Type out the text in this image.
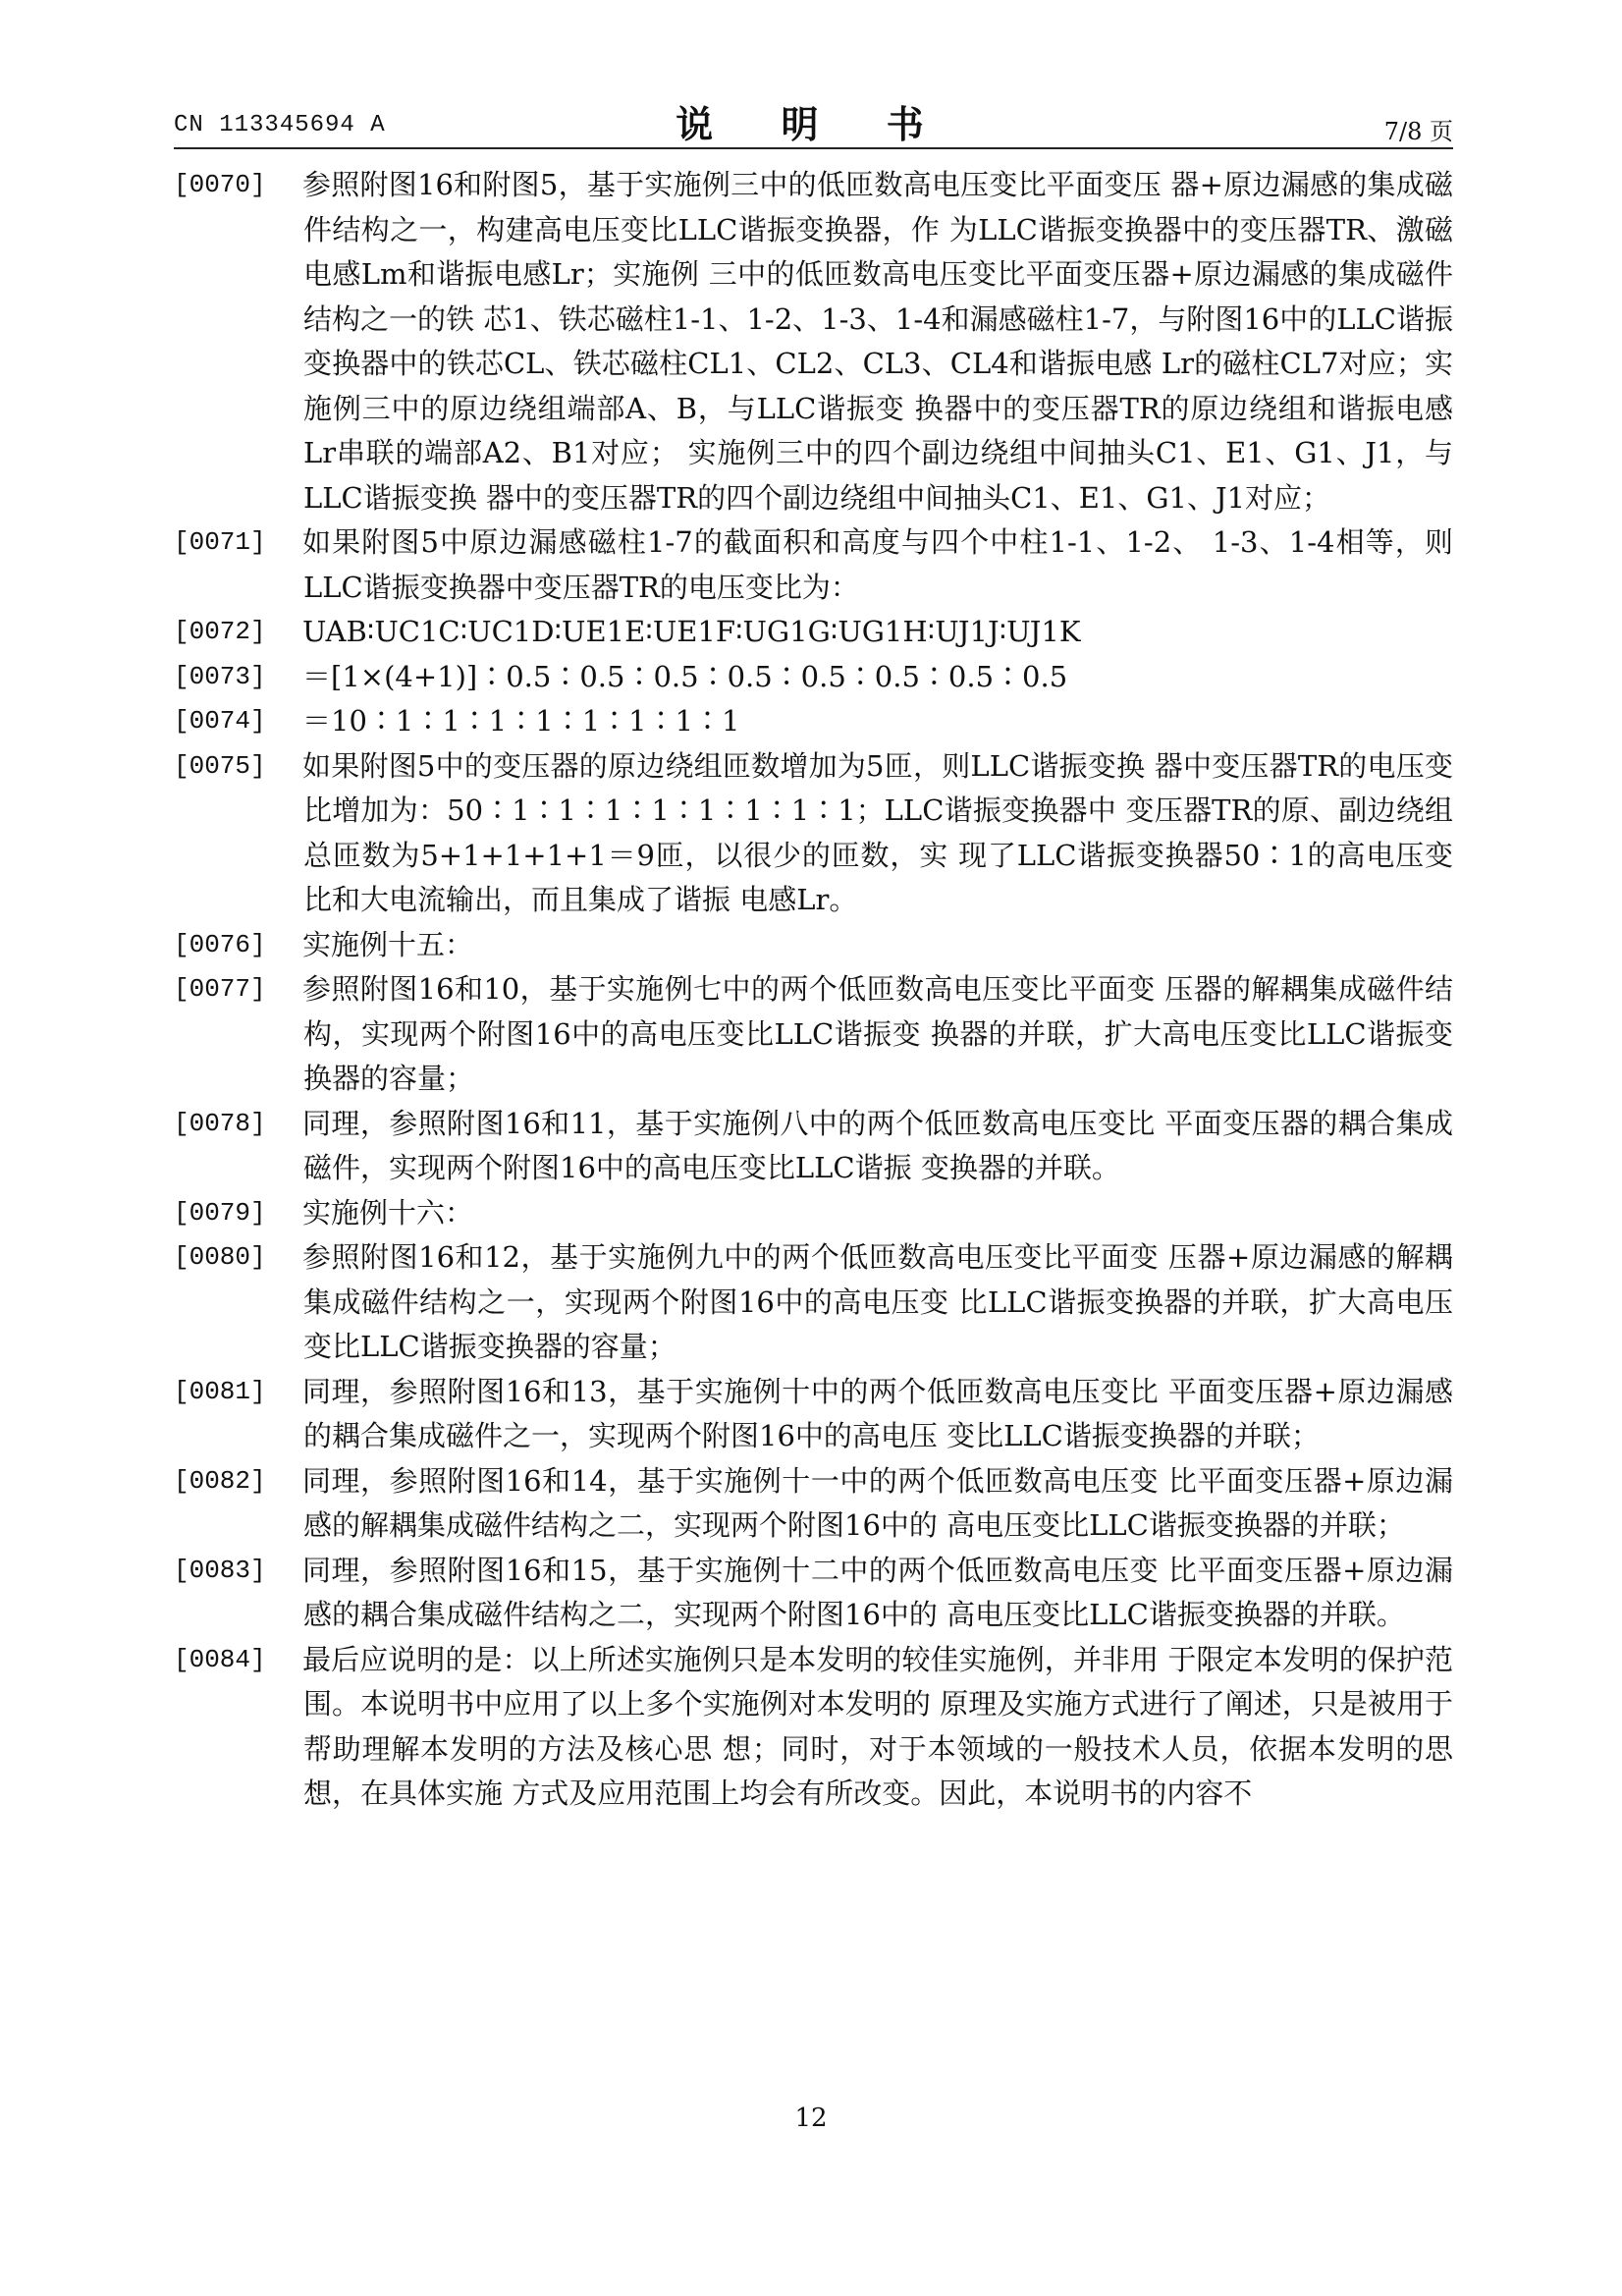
CN 113345694 A	说 明 书	7/8 页
[0070]	参照附图16和附图5，基于实施例三中的低匝数高电压变比平面变压 器+原边漏感的集成磁件结构之一，构建高电压变比LLC谐振变换器，作 为LLC谐振变换器中的变压器TR、激磁电感Lm和谐振电感Lr；实施例 三中的低匝数高电压变比平面变压器+原边漏感的集成磁件结构之一的铁 芯1、铁芯磁柱1-1、1-2、1-3、1-4和漏感磁柱1-7，与附图16中的LLC谐振变换器中的铁芯CL、铁芯磁柱CL1、CL2、CL3、CL4和谐振电感 Lr的磁柱CL7对应；实施例三中的原边绕组端部A、B，与LLC谐振变 换器中的变压器TR的原边绕组和谐振电感Lr串联的端部A2、B1对应； 实施例三中的四个副边绕组中间抽头C1、E1、G1、J1，与LLC谐振变换 器中的变压器TR的四个副边绕组中间抽头C1、E1、G1、J1对应；
[0071]	如果附图5中原边漏感磁柱1-7的截面积和高度与四个中柱1-1、1-2、 1-3、1-4相等，则LLC谐振变换器中变压器TR的电压变比为：
[0072]	UAB∶UC1C∶UC1D∶UE1E∶UE1F∶UG1G∶UG1H∶UJ1J∶UJ1K
[0073]	＝[1×(4+1)]∶0.5∶0.5∶0.5∶0.5∶0.5∶0.5∶0.5∶0.5
[0074]	＝10∶1∶1∶1∶1∶1∶1∶1∶1
[0075]	如果附图5中的变压器的原边绕组匝数增加为5匝，则LLC谐振变换 器中变压器TR的电压变比增加为：50∶1∶1∶1∶1∶1∶1∶1∶1；LLC谐振变换器中 变压器TR的原、副边绕组总匝数为5+1+1+1+1＝9匝，以很少的匝数，实 现了LLC谐振变换器50∶1的高电压变比和大电流输出，而且集成了谐振 电感Lr。
[0076]	实施例十五：
[0077]	参照附图16和10，基于实施例七中的两个低匝数高电压变比平面变 压器的解耦集成磁件结构，实现两个附图16中的高电压变比LLC谐振变 换器的并联，扩大高电压变比LLC谐振变换器的容量；
[0078]	同理，参照附图16和11，基于实施例八中的两个低匝数高电压变比 平面变压器的耦合集成磁件，实现两个附图16中的高电压变比LLC谐振 变换器的并联。
[0079]	实施例十六：
[0080]	参照附图16和12，基于实施例九中的两个低匝数高电压变比平面变 压器+原边漏感的解耦集成磁件结构之一，实现两个附图16中的高电压变 比LLC谐振变换器的并联，扩大高电压变比LLC谐振变换器的容量；
[0081]	同理，参照附图16和13，基于实施例十中的两个低匝数高电压变比 平面变压器+原边漏感的耦合集成磁件之一，实现两个附图16中的高电压 变比LLC谐振变换器的并联；
[0082]	同理，参照附图16和14，基于实施例十一中的两个低匝数高电压变 比平面变压器+原边漏感的解耦集成磁件结构之二，实现两个附图16中的 高电压变比LLC谐振变换器的并联；
[0083]	同理，参照附图16和15，基于实施例十二中的两个低匝数高电压变 比平面变压器+原边漏感的耦合集成磁件结构之二，实现两个附图16中的 高电压变比LLC谐振变换器的并联。
[0084]	最后应说明的是：以上所述实施例只是本发明的较佳实施例，并非用 于限定本发明的保护范围。本说明书中应用了以上多个实施例对本发明的 原理及实施方式进行了阐述，只是被用于帮助理解本发明的方法及核心思 想；同时，对于本领域的一般技术人员，依据本发明的思想，在具体实施 方式及应用范围上均会有所改变。因此，本说明书的内容不
12
